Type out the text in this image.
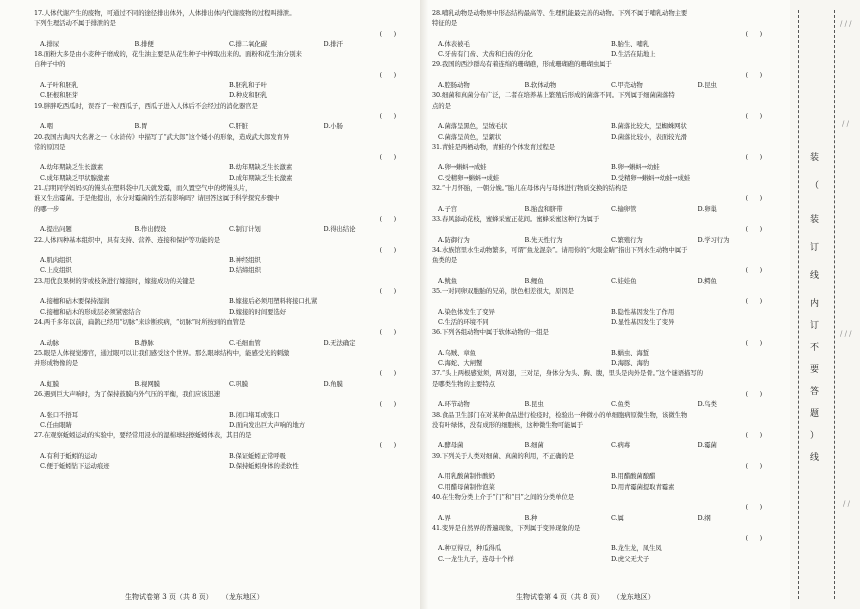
17.人体代谢产生的废物，可通过不同的途径排出体外，人体排出体内代谢废物的过程叫排泄。
下列生理活动不属于排泄的是
(      )
A.排尿	B.排便	C.排二氧化碳	D.排汗
18.面粉大多是由小麦种子磨成的，花生油主要是从花生种子中榨取出来的。面粉和花生油分别来
自种子中的
(      )
A.子叶和胚乳	B.胚乳和子叶
C.胚根和胚芽	D.种皮和胚乳
19.胖胖吃西瓜时，误吞了一粒西瓜子，西瓜子进入人体后不会经过的消化器官是
(      )
A.咽	B.胃	C.肝脏	D.小肠
20.我国古典四大名著之一《水浒传》中描写了“武大郎”这个矮小的形象，造成武大郎发育异
常的原因是
(      )
A.幼年期缺乏生长激素	B.幼年期缺乏生长激素
C.成年期缺乏甲状腺激素	D.成年期缺乏生长激素
21.启明同学妈妈买的馒头在塑料袋中几天就发霉，而久置空气中的烤馒头片，
谁又生出霉菌。于是他提出，水分对霉菌的生活有影响吗？请回答这属于科学探究步骤中
的哪一步
(      )
A.提出问题	B.作出假设	C.制订计划	D.得出结论
22.人体四种基本组织中，具有支持、营养、连接和保护等功能的是
(      )
A.肌肉组织	B.神经组织
C.上皮组织	D.结缔组织
23.用优良果树的芽或枝条进行嫁接时，嫁接成功的关键是
(      )
A.接穗和砧木要保持湿润	B.嫁接后必须用塑料将接口扎紧
C.接穗和砧木的形成层必须紧密结合	D.嫁接的时间要选好
24.两千多年以前，扁鹊已经用“切脉”来诊断疾病，“切脉”时所按到的血管是
(      )
A.动脉	B.静脉	C.毛细血管	D.无法确定
25.眼是人体视觉器官，通过眼可以让我们感受这个世界。那么眼球结构中，能感受光的刺激
并形成物像的是
(      )
A.虹膜	B.视网膜	C.巩膜	D.角膜
26.遇到巨大声响时，为了保持鼓膜内外气压的平衡，我们应该迅速
(      )
A.张口不捂耳	B.闭口堵耳或张口
C.任由眼睛	D.面向发出巨大声响的地方
27.在观察蚯蚓运动的实验中，要经常用浸水的湿棉球轻擦蚯蚓体表，其目的是
(      )
A.有利于蚯蚓的运动	B.保证蚯蚓正常呼吸
C.便于蚯蚓钻下运动痕迹	D.保持蚯蚓身体的柔软性
生物试卷第 3 页（共 8 页）    （龙东地区）
28.哺乳动物是动物界中形态结构最高等、生理机能最完善的动物。下列不属于哺乳动物主要
特征的是
(      )
A.体表被毛	B.胎生、哺乳
C.牙齿有门齿、犬齿和臼齿的分化	D.生活在陆地上
29.我国的西沙群岛有着连绵的珊瑚礁，形成珊瑚礁的珊瑚虫属于
(      )
A.腔肠动物	B.软体动物	C.甲壳动物	D.昆虫
30.细菌和真菌分布广泛，二者在培养基上繁殖后形成的菌落不同。下列属于细菌菌落特
点的是
(      )
A.菌落呈黑色，呈绒毛状	B.菌落比较大，呈蜘蛛网状
C.菌落呈黄色，呈絮状	D.菌落比较小，表面较光滑
31.青蛙是两栖动物，青蛙的个体发育过程是
(      )
A.卵→蝌蚪→成蛙	B.卵→蝌蚪→幼蛙
C.受精卵→蝌蚪→成蛙	D.受精卵→蝌蚪→幼蛙→成蛙
32.“十月怀胎，一朝分娩。”胎儿在母体内与母体进行物质交换的结构是
(      )
A.子宫	B.胎盘和脐带	C.输卵管	D.卵巢
33.春风舔动花枝，蜜蜂采蜜正花间。蜜蜂采蜜这种行为属于
(      )
A.防御行为	B.先天性行为	C.繁殖行为	D.学习行为
34.水族馆里水生动物繁多，可谓“鱼龙混杂”。请用你的“火眼金睛”指出下列水生动物中属于
鱼类的是
(      )
A.鱿鱼	B.鲤鱼	C.娃娃鱼	D.鳄鱼
35.一对同卵双胞胎的兄弟，肤色相差很大，原因是
(      )
A.染色体发生了变异	B.隐性基因发生了作用
C.生活的环境不同	D.显性基因发生了变异
36.下列各组动物中属于软体动物的一组是
(      )
A.乌贼、章鱼	B.蜗虫、海蜇
C.海蛇、大闸蟹	D.海豚、海豹
37.“头上两根感觉须，两对翅，三对足，身体分为头、胸、腹，里头是肉外是骨。”这个谜语描写的
是哪类生物的主要特点
(      )
A.环节动物	B.昆虫	C.鱼类	D.鸟类
38.食品卫生部门在对某种食品进行检疫时，检验出一种微小的单细胞病原微生物，该微生物
没有叶绿体，没有成形的细胞核，这种微生物可能属于
(      )
A.酵母菌	B.细菌	C.病毒	D.霉菌
39.下列关于人类对细菌、真菌的利用，不正确的是
(      )
A.用乳酸菌制作酸奶	B.用醋酸菌酿醋
C.用醋母菌制作泡菜	D.用青霉菌提取青霉素
40.在生物分类上介于“门”和“目”之间的分类单位是
(      )
A.界	B.种	C.属	D.纲
41.变异是自然界的普遍现象，下列属于变异现象的是
(      )
A.种豆得豆，种瓜得瓜	B.龙生龙，凤生凤
C.一龙生九子，连母十个样	D.虎父无犬子
生物试卷第 4 页（共 8 页）    （龙东地区）
装
（
装
订
线
内
订
不
要
答
题
）
线
/ / /
/ /
/ / /
/ /
